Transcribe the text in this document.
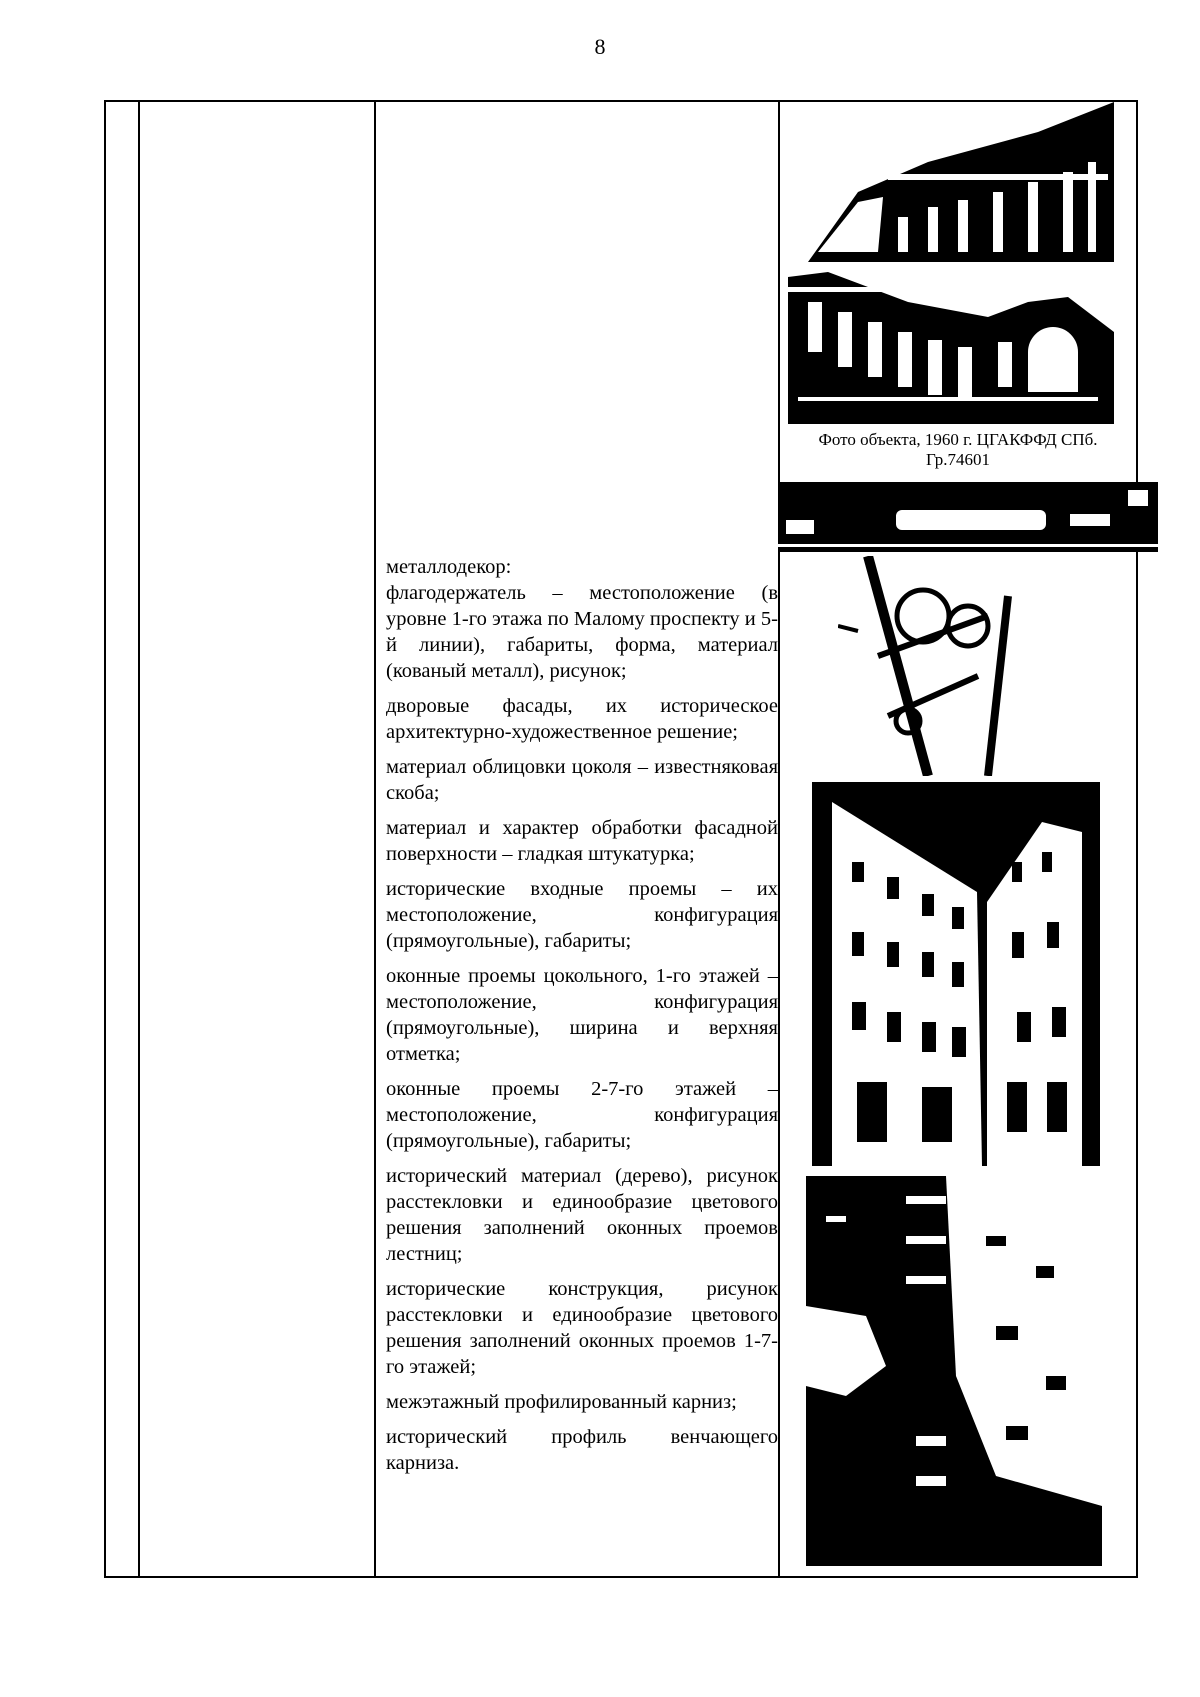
8
Фото объекта, 1960 г. ЦГАКФФД СПб.
Гр.74601

металлодекор:

флагодержатель – местоположение (в уровне 1-го этажа по Малому проспекту и 5-й линии), габариты, форма, материал (кованый металл), рисунок;

дворовые фасады, их историческое архитектурно-художественное решение;

материал облицовки цоколя – известняковая скоба;

материал и характер обработки фасадной поверхности – гладкая штукатурка;

исторические входные проемы – их местоположение, конфигурация (прямоугольные), габариты;

оконные проемы цокольного, 1-го этажей – местоположение, конфигурация (прямоугольные), ширина и верхняя отметка;

оконные проемы 2-7-го этажей – местоположение, конфигурация (прямоугольные), габариты;

исторический материал (дерево), рисунок расстекловки и единообразие цветового решения заполнений оконных проемов лестниц;

исторические конструкция, рисунок расстекловки и единообразие цветового решения заполнений оконных проемов 1-7-го этажей;

межэтажный профилированный карниз;

исторический профиль венчающего карниза.
